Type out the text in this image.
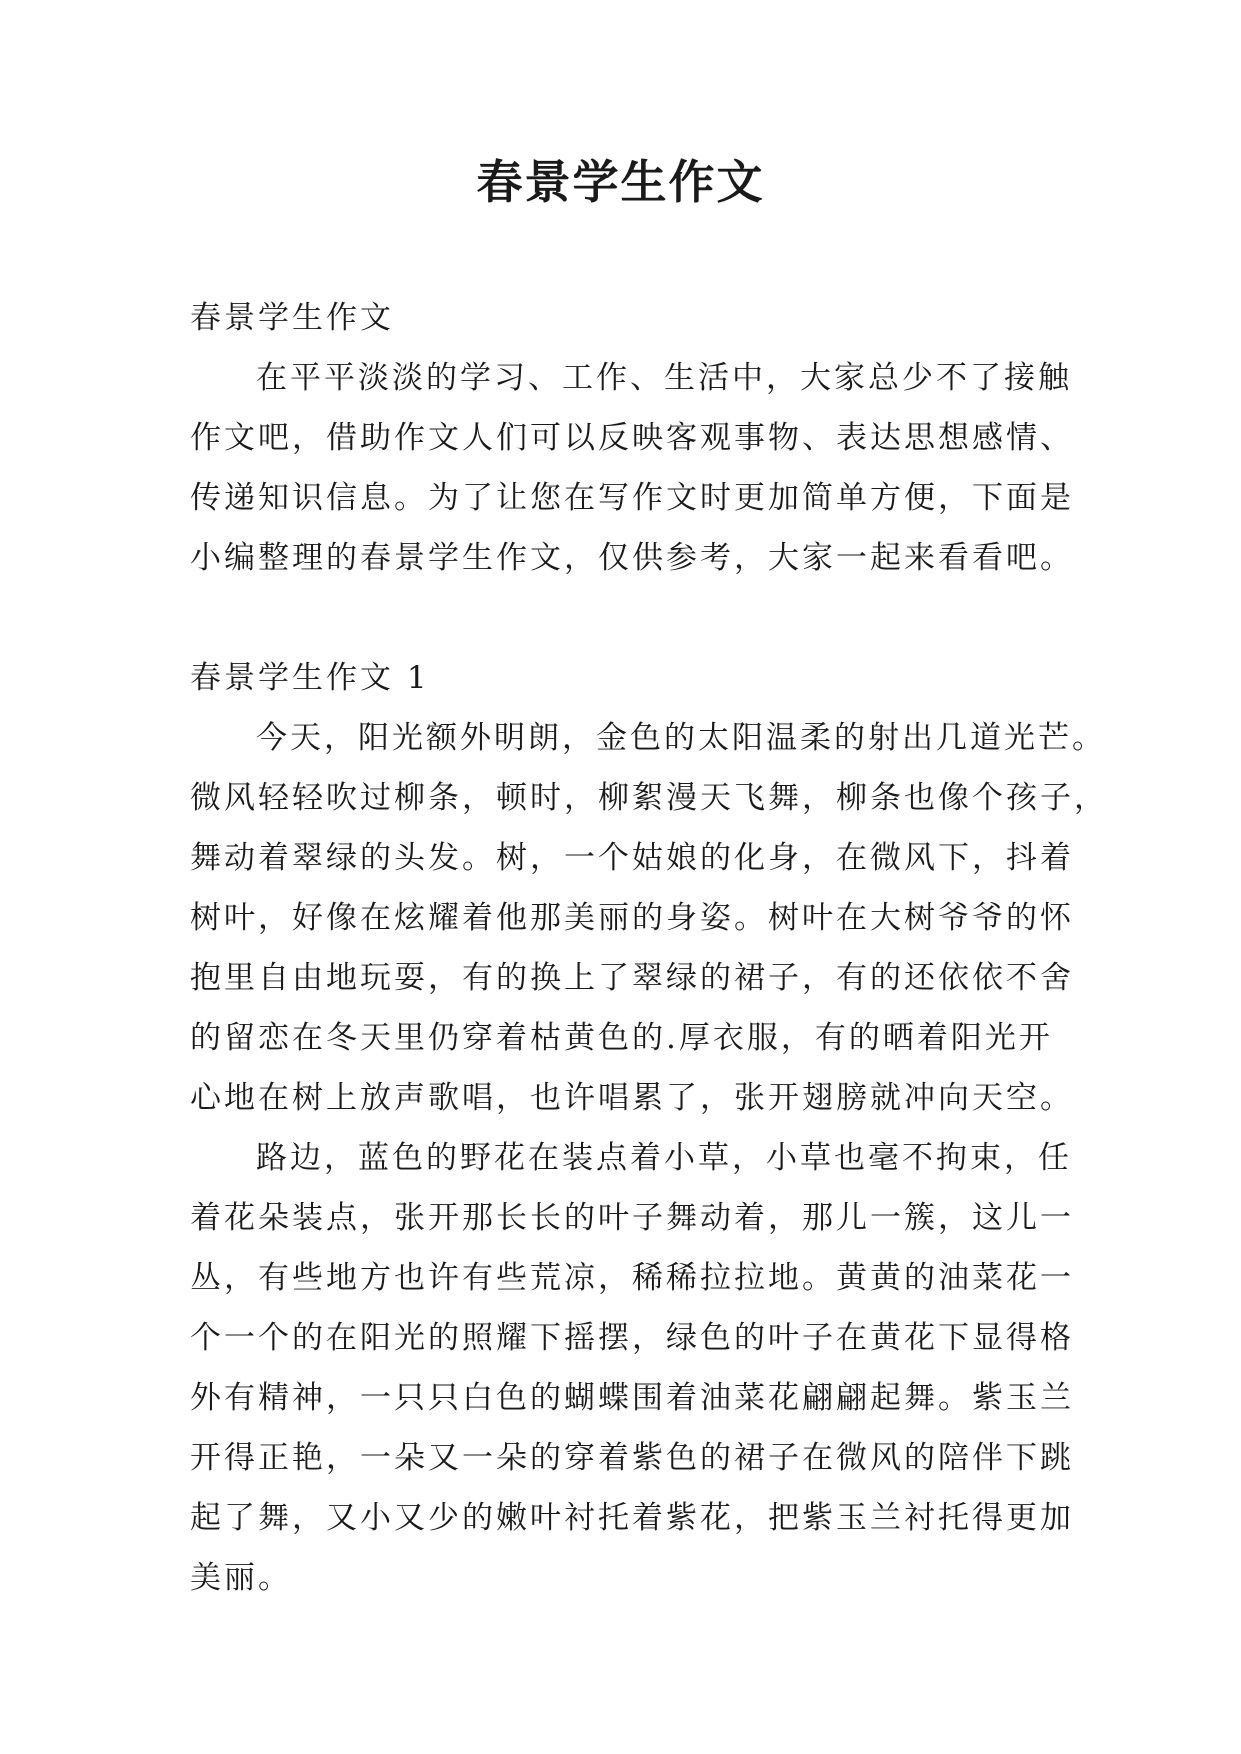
春景学生作文
春景学生作文
在平平淡淡的学习、工作、生活中，大家总少不了接触
作文吧，借助作文人们可以反映客观事物、表达思想感情、
传递知识信息。为了让您在写作文时更加简单方便，下面是
小编整理的春景学生作文，仅供参考，大家一起来看看吧。
春景学生作文 1
今天，阳光额外明朗，金色的太阳温柔的射出几道光芒。
微风轻轻吹过柳条，顿时，柳絮漫天飞舞，柳条也像个孩子，
舞动着翠绿的头发。树，一个姑娘的化身，在微风下，抖着
树叶，好像在炫耀着他那美丽的身姿。树叶在大树爷爷的怀
抱里自由地玩耍，有的换上了翠绿的裙子，有的还依依不舍
的留恋在冬天里仍穿着枯黄色的.厚衣服，有的晒着阳光开
心地在树上放声歌唱，也许唱累了，张开翅膀就冲向天空。
路边，蓝色的野花在装点着小草，小草也毫不拘束，任
着花朵装点，张开那长长的叶子舞动着，那儿一簇，这儿一
丛，有些地方也许有些荒凉，稀稀拉拉地。黄黄的油菜花一
个一个的在阳光的照耀下摇摆，绿色的叶子在黄花下显得格
外有精神，一只只白色的蝴蝶围着油菜花翩翩起舞。紫玉兰
开得正艳，一朵又一朵的穿着紫色的裙子在微风的陪伴下跳
起了舞，又小又少的嫩叶衬托着紫花，把紫玉兰衬托得更加
美丽。
